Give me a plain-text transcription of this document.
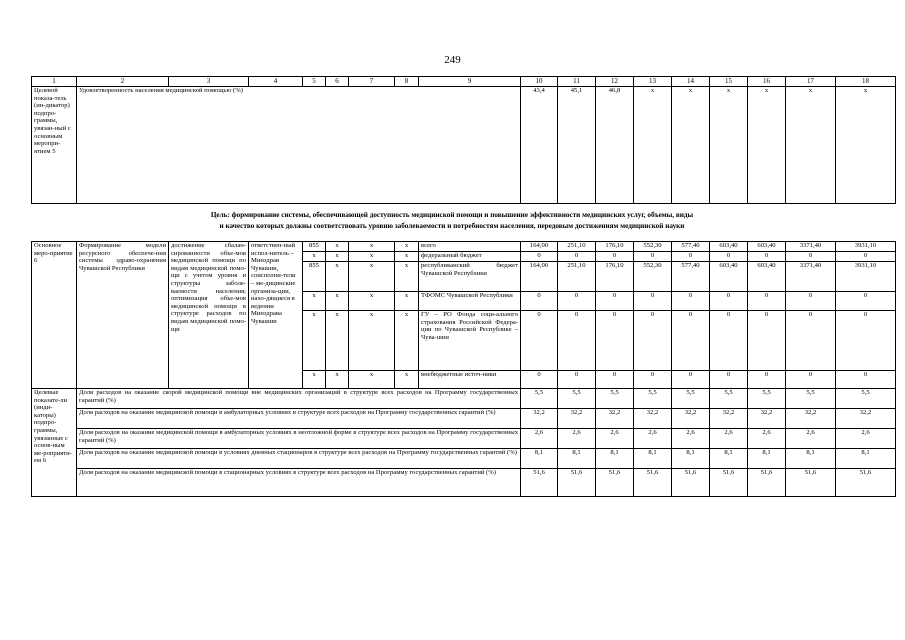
249
1	2	3	4	5	6	7	8	9	10	11	12	13	14	15	16	17	18
Целевой показа-тель (ин-дикатор) подпро-граммы, увязан-ный с основным меропри-ятием 5	Удовлетворенность населения медицинской помощью (%)								43,4	45,1	46,8	х	х	х	х	х	х
Цель: формирование системы, обеспечивающей доступность медицинской помощи и повышение эффективности медицинских услуг, объемы, виды
и качество которых должны соответствовать уровню заболеваемости и потребностям населения, передовым достижениям медицинской науки
Основное меро-приятие 6	Формирование модели ресурсного обеспече-ния системы здраво-охранения Чувашской Республики	достижение сбалан-сированности объе-мов медицинской помощи по видам медицинской помо-щи с учетом уровня и структуры заболе-ваемости населения; оптимизация объе-мов медицинской помощи в структуре расходов по видам медицинской помо-щи	ответствен-ный испол-нитель – Минздрав Чувашии, соисполни-тели – ме-дицинские организа-ции, нахо-дящиеся в ведении Минздрава Чувашии	855	х	х	х	всего	164,00	251,10	176,10	552,30	577,40	603,40	603,40	3371,40	3931,10
				х	х	х	х	федеральный бюджет	0	0	0	0	0	0	0	0	0
				855	х	х	х	республиканский бюджет Чувашской Республики	164,00	251,10	176,10	552,30	577,40	603,40	603,40	3371,40	3931,10
				х	х	х	х	ТФОМС Чувашской Республики	0	0	0	0	0	0	0	0	0
				х	х	х	х	ГУ – РО Фонда соци-ального страхования Российской Федера-ции по Чувашской Республике – Чува-шии	0	0	0	0	0	0	0	0	0
				х	х	х	х	внебюджетные источ-ники	0	0	0	0	0	0	0	0	0
Целевые показате-ли (инди-каторы) подпро-граммы, увязанные с основ-ным ме-роприяти-ем 6	Доля расходов на оказание скорой медицинской помощи вне медицинских организаций в структуре всех расходов на Программу государственных гарантий (%)								5,5	5,5	5,5	5,5	5,5	5,5	5,5	5,5	5,5
	Доля расходов на оказание медицинской помощи в амбулаторных условиях в структуре всех расходов на Программу государственных гарантий (%)								32,2	32,2	32,2	32,2	32,2	32,2	32,2	32,2	32,2
	Доля расходов на оказание медицинской помощи в амбулаторных условиях в неотложной форме в структуре всех расходов на Программу государственных гарантий (%)								2,6	2,6	2,6	2,6	2,6	2,6	2,6	2,6	2,6
	Доля расходов на оказание медицинской помощи в условиях дневных стационаров в структуре всех расходов на Программу государственных гарантий (%)								8,1	8,1	8,1	8,1	8,1	8,1	8,1	8,1	8,1
	Доля расходов на оказание медицинской помощи в стационарных условиях в структуре всех расходов на Программу государственных гарантий (%)								51,6	51,6	51,6	51,6	51,6	51,6	51,6	51,6	51,6
